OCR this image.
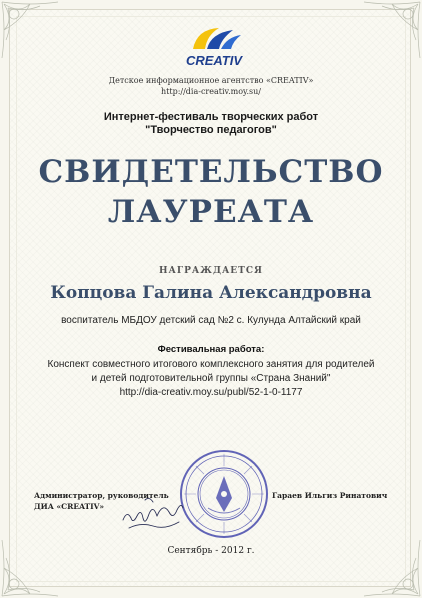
CREATIV
Детское информационное агентство «CREATIV»
http://dia-creativ.moy.su/
Интернет-фестиваль творческих работ
"Творчество педагогов"
СВИДЕТЕЛЬСТВО
ЛАУРЕАТА
НАГРАЖДАЕТСЯ
Копцова Галина Александровна
воспитатель МБДОУ детский сад №2 с. Кулунда Алтайский край
Фестивальная работа:
Конспект совместного итогового комплексного занятия для родителей
и детей подготовительной группы «Страна Знаний"
http://dia-creativ.moy.su/publ/52-1-0-1177
Администратор, руководитель
ДИА «CREATIV»
Гараев Ильгиз Ринатович
Сентябрь - 2012 г.
